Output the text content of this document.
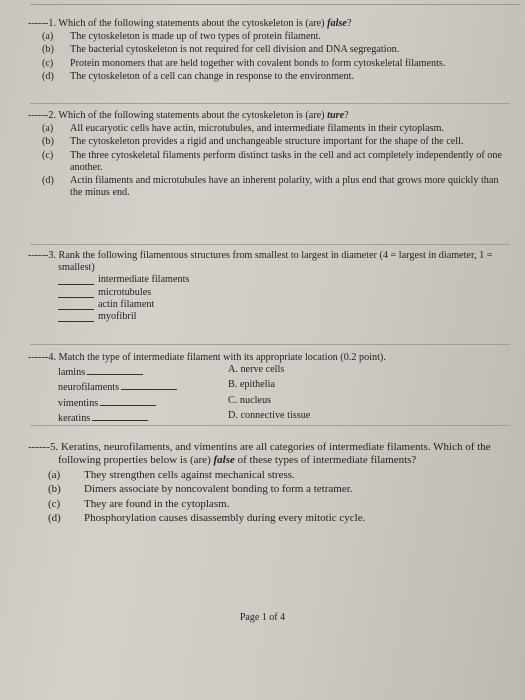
------1. Which of the following statements about the cytoskeleton is (are) false?
(a)	The cytoskeleton is made up of two types of protein filament.
(b)	The bacterial cytoskeleton is not required for cell division and DNA segregation.
(c)	Protein monomers that are held together with covalent bonds to form cytoskeletal filaments.
(d)	The cytoskeleton of a cell can change in response to the environment.
------2. Which of the following statements about the cytoskeleton is (are) ture?
(a)	All eucaryotic cells have actin, microtubules, and intermediate filaments in their cytoplasm.
(b)	The cytoskeleton provides a rigid and unchangeable structure important for the shape of the cell.
(c)	The three cytoskeletal filaments perform distinct tasks in the cell and act completely independently of one another.
(d)	Actin filaments and microtubules have an inherent polarity, with a plus end that grows more quickly than the minus end.
------3. Rank the following filamentous structures from smallest to largest in diameter (4 = largest in diameter, 1 = smallest)
intermediate filaments
microtubules
actin filament
myofibril
------4. Match the type of intermediate filament with its appropriate location (0.2 point).
lamins	A. nerve cells
neurofilaments	B. epithelia
vimentins	C. nucleus
keratins	D. connective tissue
------5. Keratins, neurofilaments, and vimentins are all categories of intermediate filaments. Which of the following properties below is (are) false of these types of intermediate filaments?
(a)	They strengthen cells against mechanical stress.
(b)	Dimers associate by noncovalent bonding to form a tetramer.
(c)	They are found in the cytoplasm.
(d)	Phosphorylation causes disassembly during every mitotic cycle.
Page 1 of 4
